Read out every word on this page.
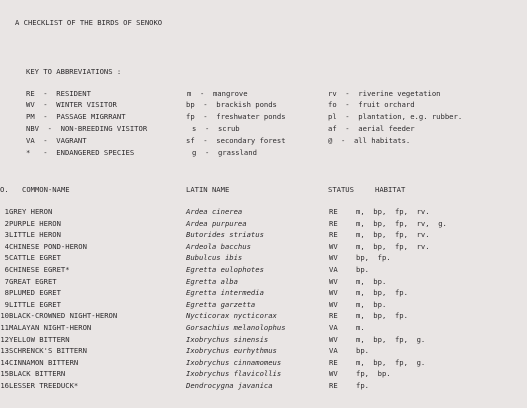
A CHECKLIST OF THE BIRDS OF SENOKO
KEY TO ABBREVIATIONS :
RE  -  RESIDENT
WV  -  WINTER VISITOR
PM  -  PASSAGE MIGRRANT
NBV  -  NON-BREEDING VISITOR
VA  -  VAGRANT
*   -  ENDANGERED SPECIES
m  -  mangrove
bp  -  brackish ponds
fp  -  freshwater ponds
s  -  scrub
sf  -  secondary forest
g  -  grassland
rv  -  riverine vegetation
fo  -  fruit orchard
pl  -  plantation, e.g. rubber.
af  -  aerial feeder
@  -  all habitats.
O. COMMON-NAME	LATIN NAME	STATUS	HABITAT
1 GREY HERON	Ardea cinerea	RE	m,  bp,  fp,  rv.
2 PURPLE HERON	Ardea purpurea	RE	m,  bp,  fp,  rv,  g.
3 LITTLE HERON	Butorides striatus	RE	m,  bp,  fp,  rv.
4 CHINESE POND-HERON	Ardeola bacchus	WV	m,  bp,  fp,  rv.
5 CATTLE EGRET	Bubulcus ibis	WV	bp,  fp.
6 CHINESE EGRET*	Egretta eulophotes	VA	bp.
7 GREAT EGRET	Egretta alba	WV	m,  bp.
8 PLUMED EGRET	Egretta intermedia	WV	m,  bp,  fp.
9 LITTLE EGRET	Egretta garzetta	WV	m,  bp.
10 BLACK-CROWNED NIGHT-HERON	Nycticorax nycticorax	RE	m,  bp,  fp.
11 MALAYAN NIGHT-HERON	Gorsachius melanolophus	VA	m.
12 YELLOW BITTERN	Ixobrychus sinensis	WV	m,  bp,  fp,  g.
13 SCHRENCK'S BITTERN	Ixobrychus eurhythmus	VA	bp.
14 CINNAMON BITTERN	Ixobrychus cinnamomeus	RE	m,  bp,  fp,  g.
15 BLACK BITTERN	Ixobrychus flavicollis	WV	fp,  bp.
16 LESSER TREEDUCK*	Dendrocygna javanica	RE	fp.
